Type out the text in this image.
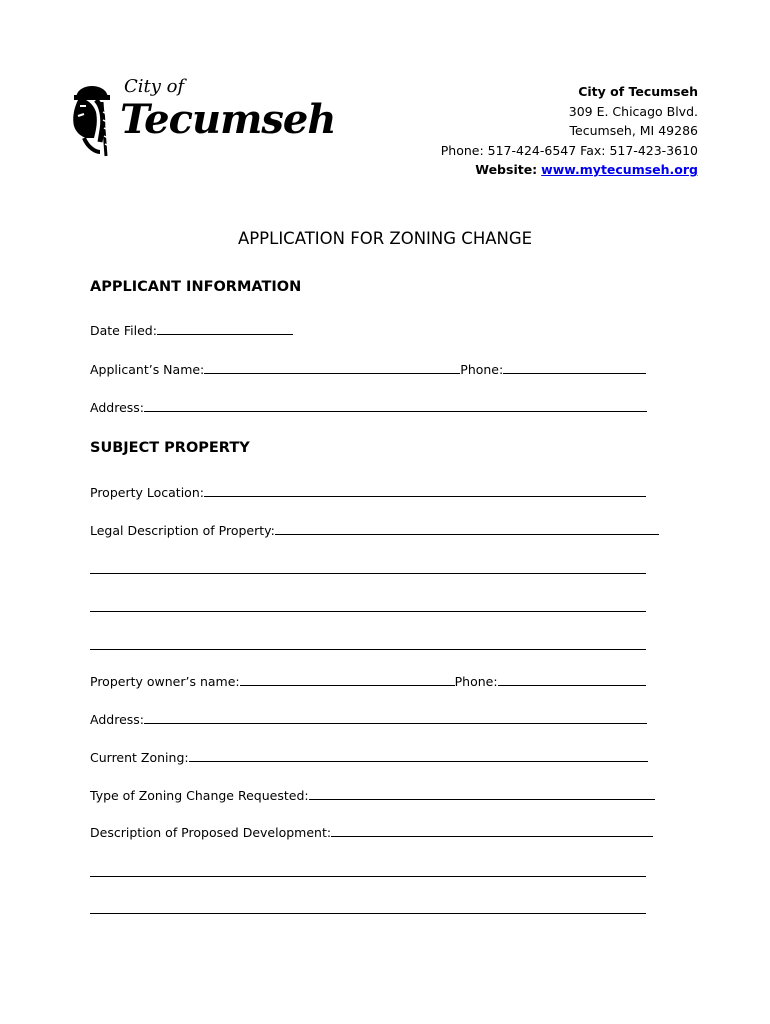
City of
Tecumseh
City of Tecumseh
309 E. Chicago Blvd.
Tecumseh, MI 49286
Phone: 517-424-6547 Fax: 517-423-3610
Website: www.mytecumseh.org
APPLICATION FOR ZONING CHANGE
APPLICANT INFORMATION
Date Filed:
Applicant’s Name:	Phone:
Address:
SUBJECT PROPERTY
Property Location:
Legal Description of Property:
Property owner’s name:	Phone:
Address:
Current Zoning:
Type of Zoning Change Requested:
Description of Proposed Development:
